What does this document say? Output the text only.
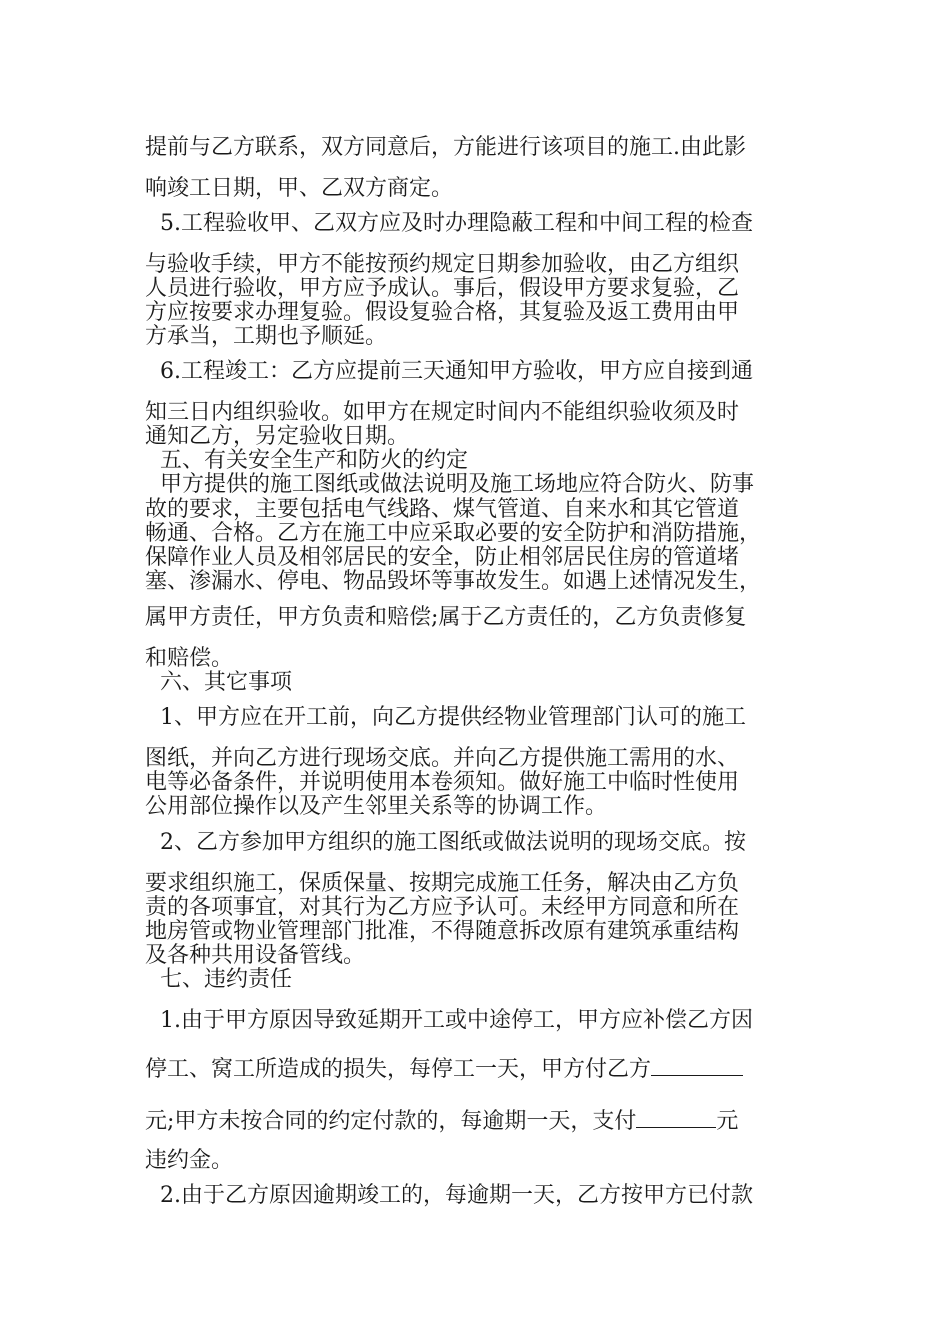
提前与乙方联系，双方同意后，方能进行该项目的施工.由此影
响竣工日期，甲、乙双方商定。
5.工程验收甲、乙双方应及时办理隐蔽工程和中间工程的检查
与验收手续，甲方不能按预约规定日期参加验收，由乙方组织
人员进行验收，甲方应予成认。事后，假设甲方要求复验，乙
方应按要求办理复验。假设复验合格，其复验及返工费用由甲
方承当，工期也予顺延。
6.工程竣工：乙方应提前三天通知甲方验收，甲方应自接到通
知三日内组织验收。如甲方在规定时间内不能组织验收须及时
通知乙方，另定验收日期。
五、有关安全生产和防火的约定
甲方提供的施工图纸或做法说明及施工场地应符合防火、防事
故的要求，主要包括电气线路、煤气管道、自来水和其它管道
畅通、合格。乙方在施工中应采取必要的安全防护和消防措施，
保障作业人员及相邻居民的安全，防止相邻居民住房的管道堵
塞、渗漏水、停电、物品毁坏等事故发生。如遇上述情况发生，
属甲方责任，甲方负责和赔偿;属于乙方责任的，乙方负责修复
和赔偿。
六、其它事项
1、甲方应在开工前，向乙方提供经物业管理部门认可的施工
图纸，并向乙方进行现场交底。并向乙方提供施工需用的水、
电等必备条件，并说明使用本卷须知。做好施工中临时性使用
公用部位操作以及产生邻里关系等的协调工作。
2、乙方参加甲方组织的施工图纸或做法说明的现场交底。按
要求组织施工，保质保量、按期完成施工任务，解决由乙方负
责的各项事宜，对其行为乙方应予认可。未经甲方同意和所在
地房管或物业管理部门批准，不得随意拆改原有建筑承重结构
及各种共用设备管线。
七、违约责任
1.由于甲方原因导致延期开工或中途停工，甲方应补偿乙方因
停工、窝工所造成的损失，每停工一天，甲方付乙方
元;甲方未按合同的约定付款的，每逾期一天，支付	元
违约金。
2.由于乙方原因逾期竣工的，每逾期一天，乙方按甲方已付款
